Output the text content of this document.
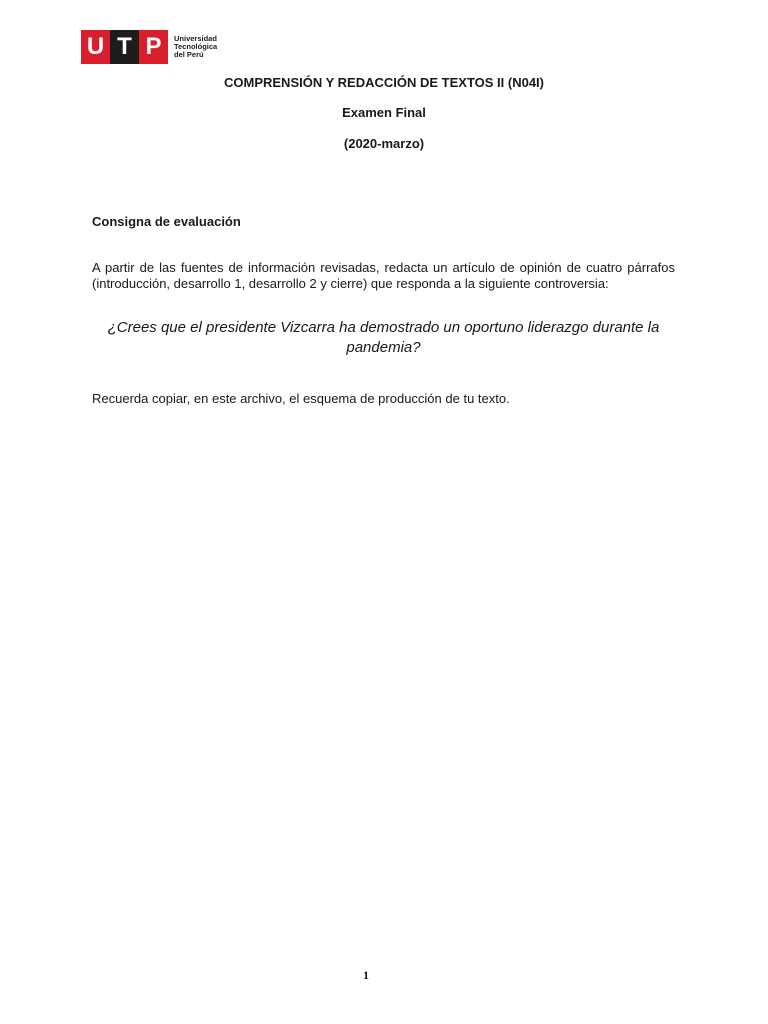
U T P	Universidad
Tecnológica
del Perú
COMPRENSIÓN Y REDACCIÓN DE TEXTOS II (N04I)
Examen Final
(2020-marzo)
Consigna de evaluación

A partir de las fuentes de información revisadas, redacta un artículo de opinión de cuatro párrafos (introducción, desarrollo 1, desarrollo 2 y cierre) que responda a la siguiente controversia:

¿Crees que el presidente Vizcarra ha demostrado un oportuno liderazgo durante la pandemia?

Recuerda copiar, en este archivo, el esquema de producción de tu texto.

1
